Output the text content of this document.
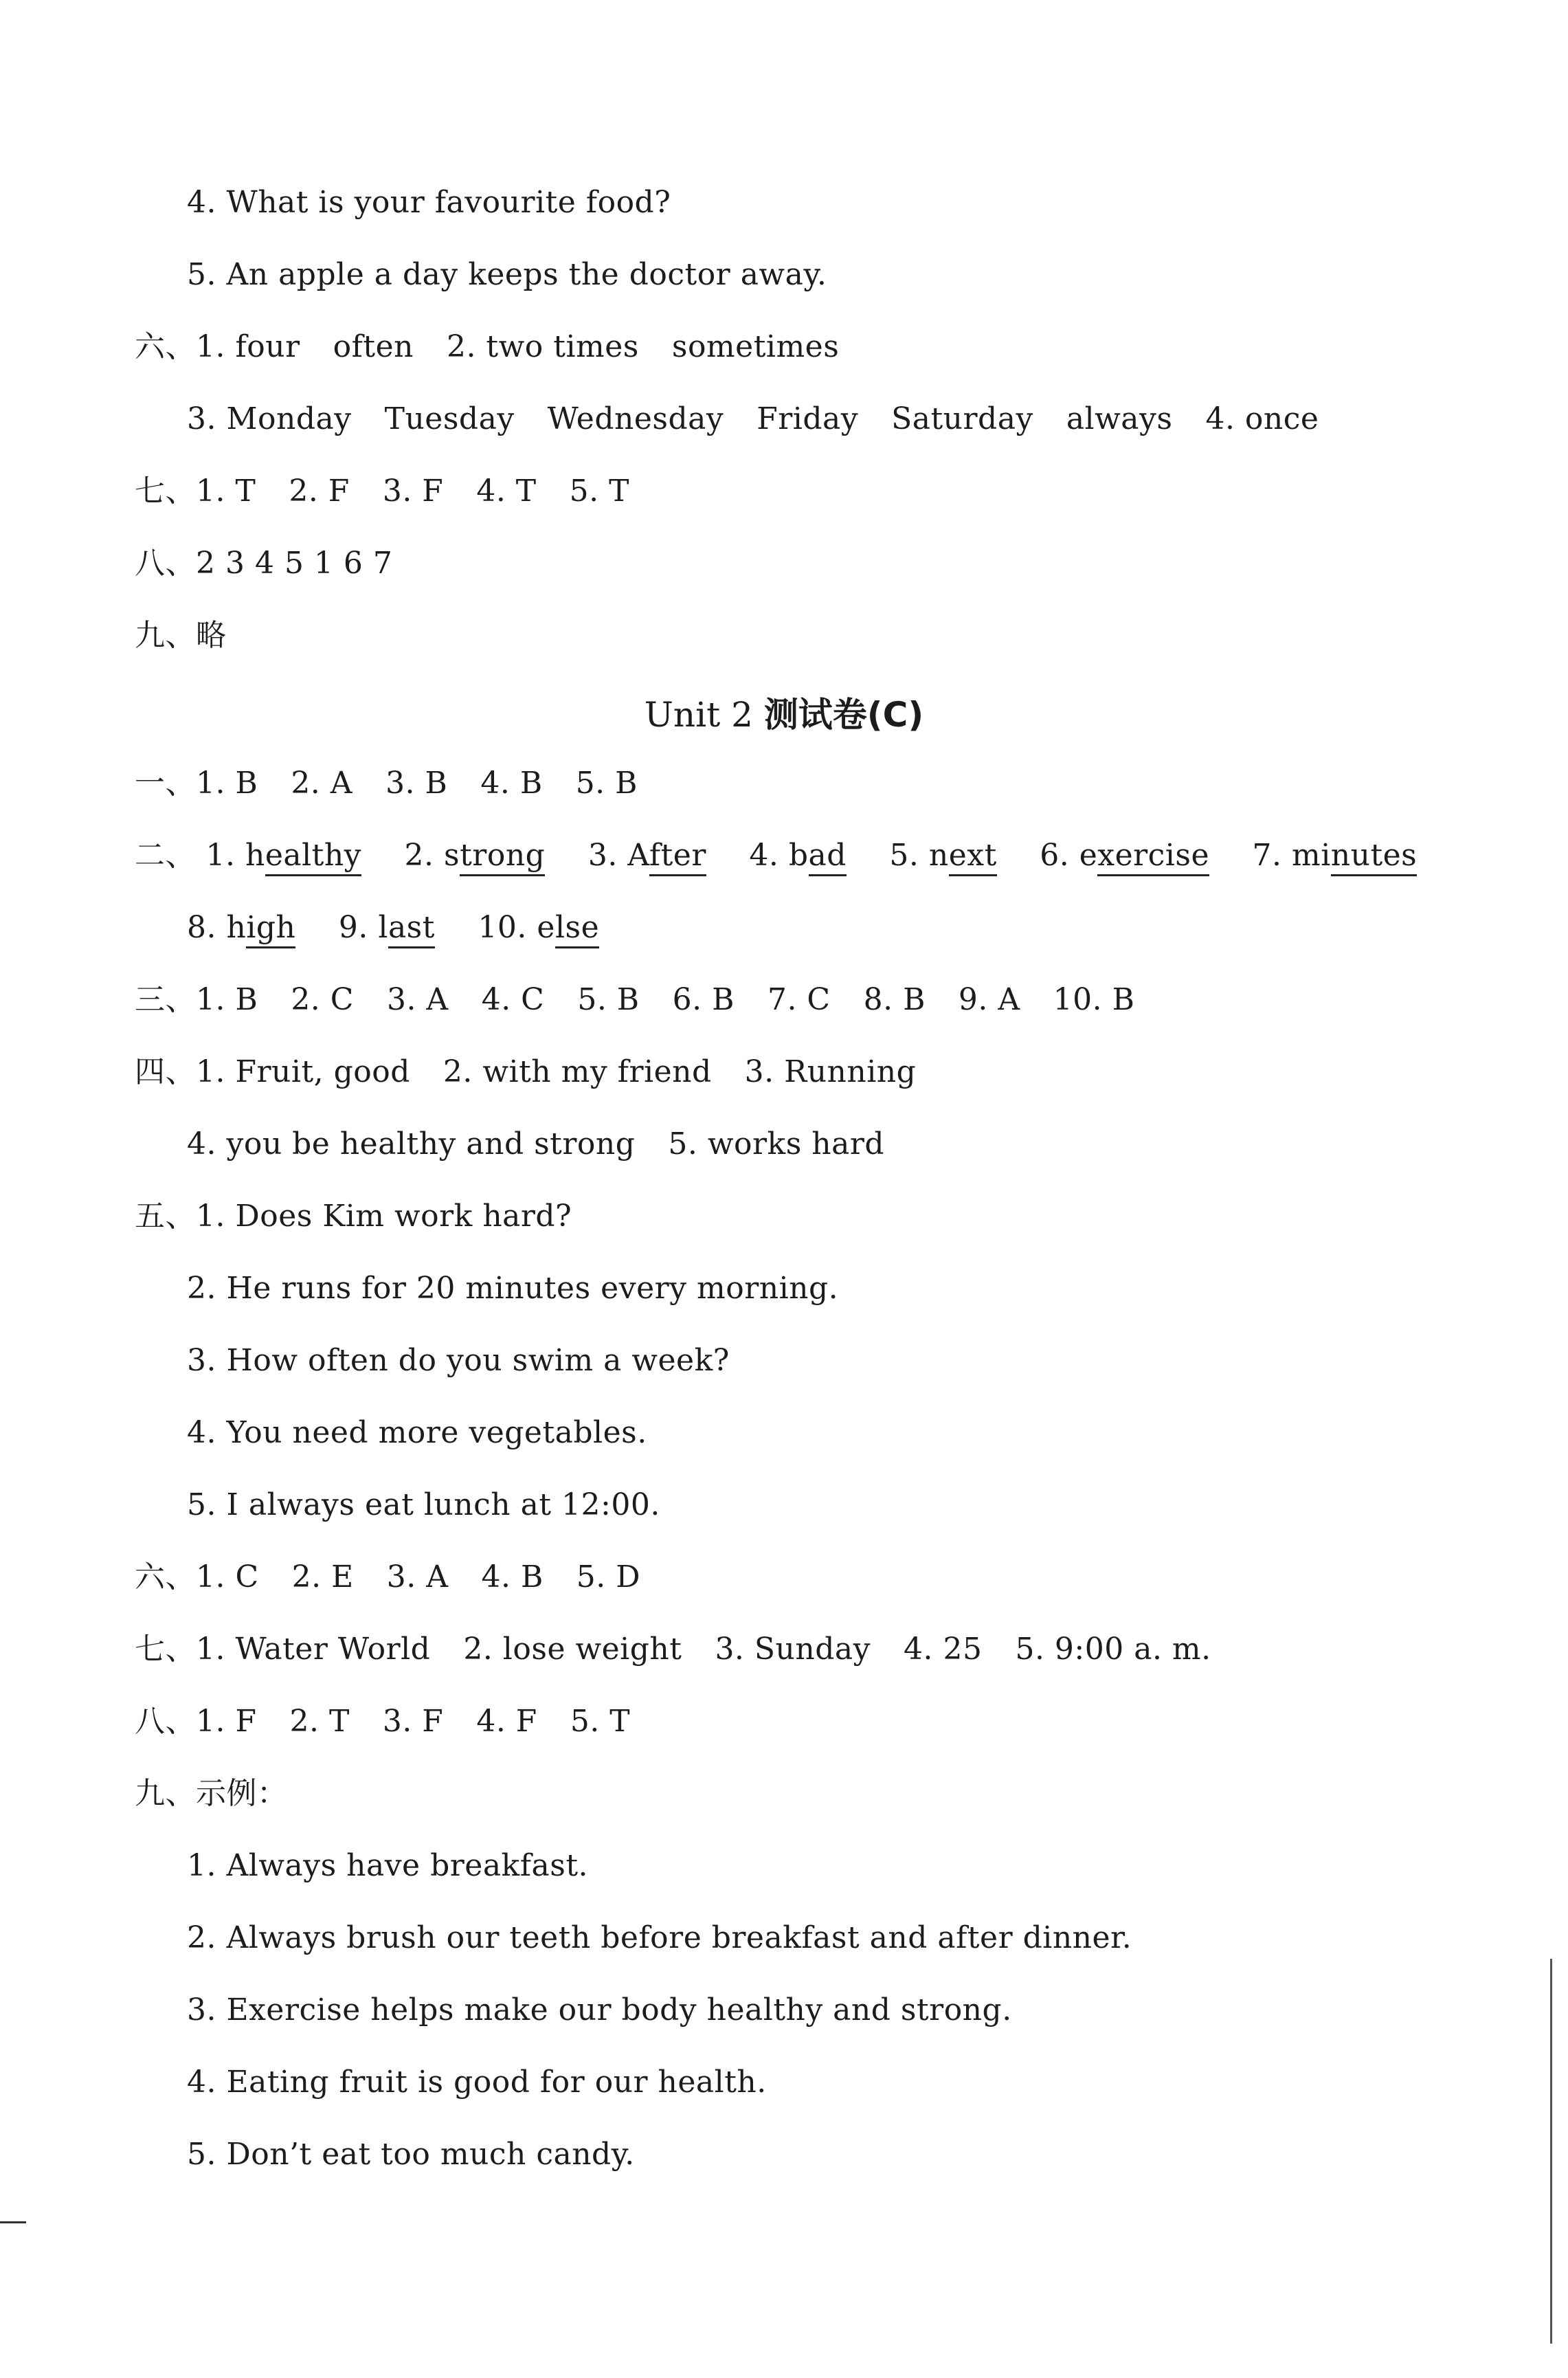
4. What is your favourite food?
5. An apple a day keeps the doctor away.
六、1. four often 2. two times sometimes
3. Monday Tuesday Wednesday Friday Saturday always 4. once
七、1. T 2. F 3. F 4. T 5. T
八、2 3 4 5 1 6 7
九、略
Unit 2 测试卷(C)
一、1. B 2. A 3. B 4. B 5. B
二、 1. healthy 2. strong 3. After 4. bad 5. next 6. exercise 7. minutes
8. high 9. last 10. else
三、1. B 2. C 3. A 4. C 5. B 6. B 7. C 8. B 9. A 10. B
四、1. Fruit, good 2. with my friend 3. Running
4. you be healthy and strong 5. works hard
五、1. Does Kim work hard?
2. He runs for 20 minutes every morning.
3. How often do you swim a week?
4. You need more vegetables.
5. I always eat lunch at 12:00.
六、1. C 2. E 3. A 4. B 5. D
七、1. Water World 2. lose weight 3. Sunday 4. 25 5. 9:00 a. m.
八、1. F 2. T 3. F 4. F 5. T
九、示例：
1. Always have breakfast.
2. Always brush our teeth before breakfast and after dinner.
3. Exercise helps make our body healthy and strong.
4. Eating fruit is good for our health.
5. Don’t eat too much candy.
